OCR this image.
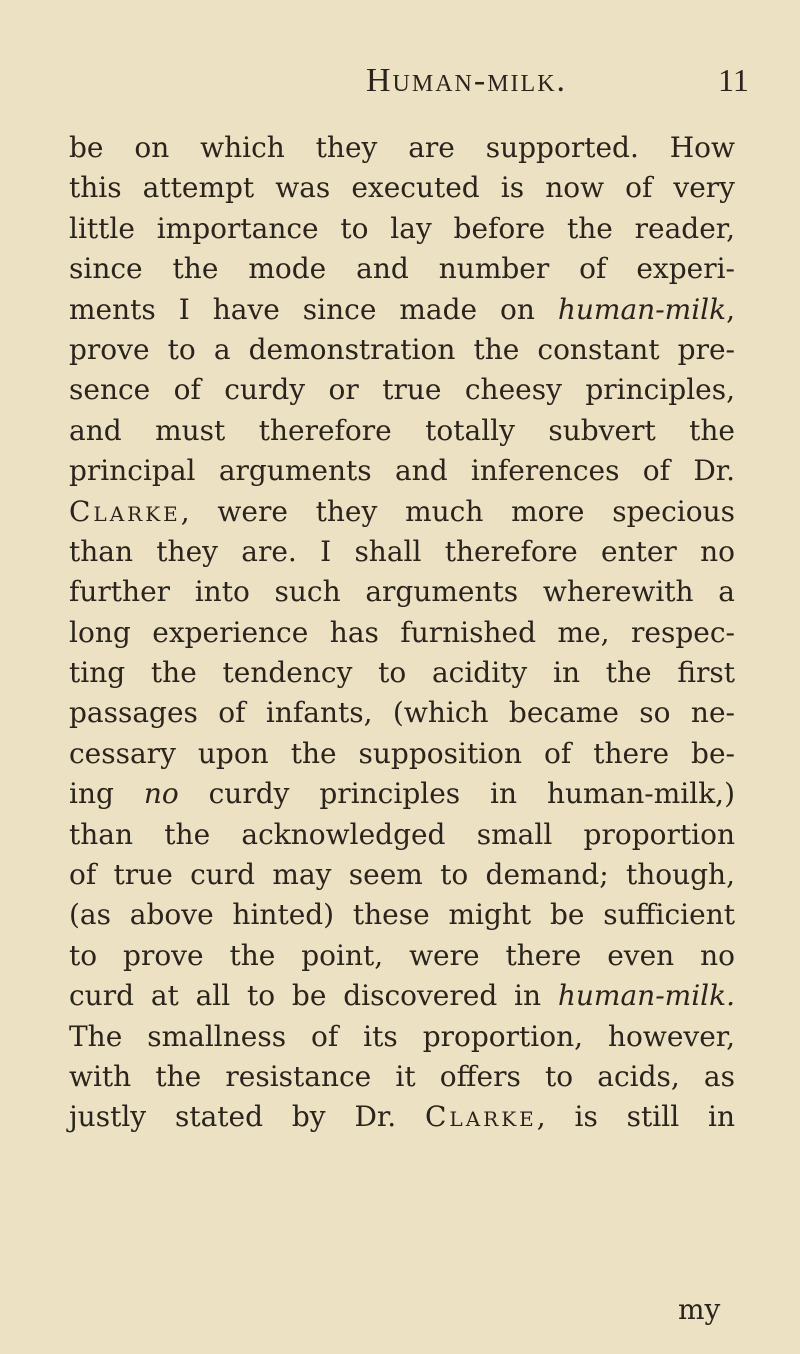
Human-milk.	11
be on which they are supported. How
this attempt was executed is now of very
little importance to lay before the reader,
since the mode and number of experi-
ments I have since made on human-milk,
prove to a demonstration the constant pre-
sence of curdy or true cheesy principles,
and must therefore totally subvert the
principal arguments and inferences of Dr.
Clarke, were they much more specious
than they are. I shall therefore enter no
further into such arguments wherewith a
long experience has furnished me, respec-
ting the tendency to acidity in the first
passages of infants, (which became so ne-
cessary upon the supposition of there be-
ing no curdy principles in human-milk,)
than the acknowledged small proportion
of true curd may seem to demand; though,
(as above hinted) these might be sufficient
to prove the point, were there even no
curd at all to be discovered in human-milk.
The smallness of its proportion, however,
with the resistance it offers to acids, as
justly stated by Dr. Clarke, is still in
my
